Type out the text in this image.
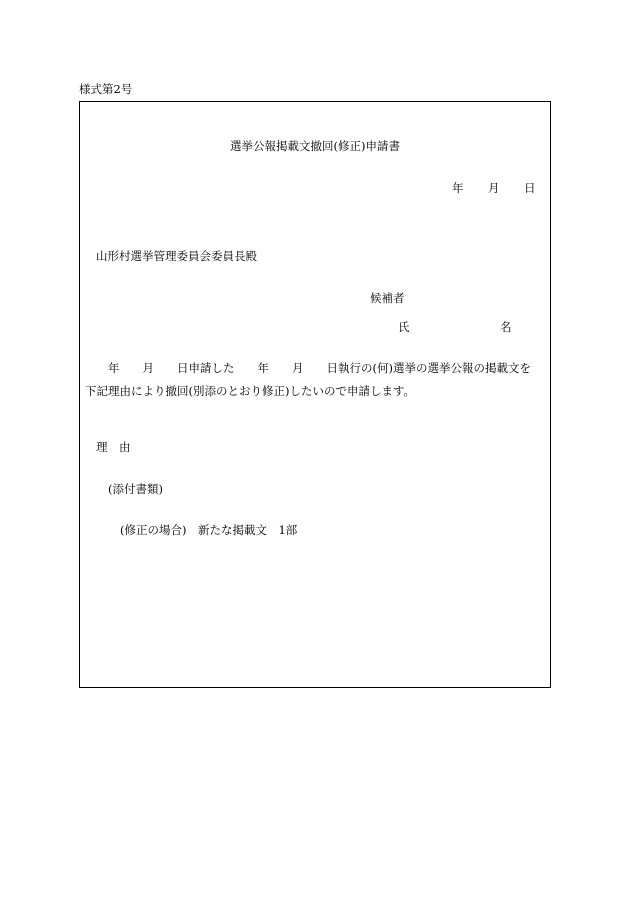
様式第2号
選挙公報掲載文撤回(修正)申請書
年 月 日
山形村選挙管理委員会委員長殿
候補者
氏	名
年　　月　　日申請した　　年　　月　　日執行の(何)選挙の選挙公報の掲載文を
下記理由により撤回(別添のとおり修正)したいので申請します。
理　由
(添付書類)
(修正の場合)　新たな掲載文　1部
